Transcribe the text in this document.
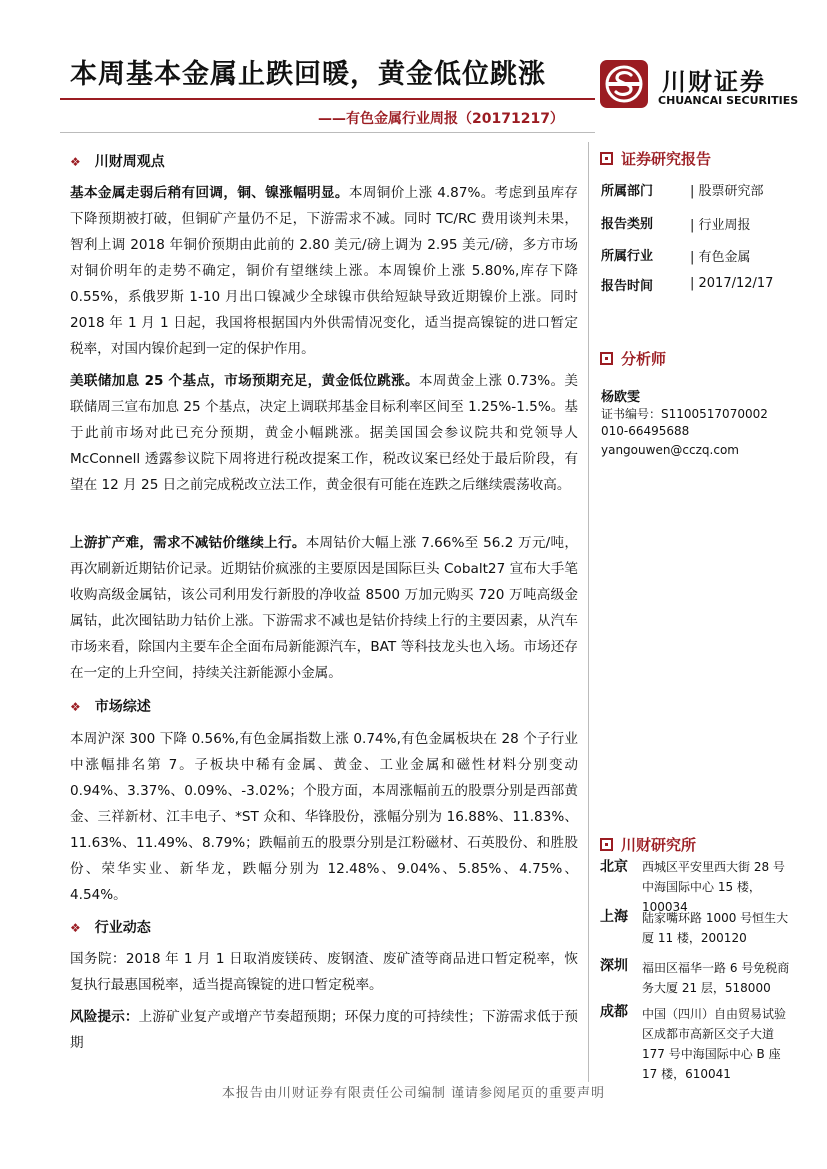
本周基本金属止跌回暖，黄金低位跳涨
——有色金属行业周报（20171217）
川财证券
CHUANCAI SECURITIES
❖ 川财周观点
基本金属走弱后稍有回调，铜、镍涨幅明显。本周铜价上涨 4.87%。考虑到虽库存下降预期被打破，但铜矿产量仍不足，下游需求不减。同时 TC/RC 费用谈判未果，智利上调 2018 年铜价预期由此前的 2.80 美元/磅上调为 2.95 美元/磅，多方市场对铜价明年的走势不确定，铜价有望继续上涨。本周镍价上涨 5.80%,库存下降 0.55%，系俄罗斯 1-10 月出口镍减少全球镍市供给短缺导致近期镍价上涨。同时 2018 年 1 月 1 日起，我国将根据国内外供需情况变化，适当提高镍锭的进口暂定税率，对国内镍价起到一定的保护作用。
美联储加息 25 个基点，市场预期充足，黄金低位跳涨。本周黄金上涨 0.73%。美联储周三宣布加息 25 个基点，决定上调联邦基金目标利率区间至 1.25%-1.5%。基于此前市场对此已充分预期，黄金小幅跳涨。据美国国会参议院共和党领导人 McConnell 透露参议院下周将进行税改提案工作，税改议案已经处于最后阶段，有望在 12 月 25 日之前完成税改立法工作，黄金很有可能在连跌之后继续震荡收高。
上游扩产难，需求不减钴价继续上行。本周钴价大幅上涨 7.66%至 56.2 万元/吨，再次刷新近期钴价记录。近期钴价疯涨的主要原因是国际巨头 Cobalt27 宣布大手笔收购高级金属钴，该公司利用发行新股的净收益 8500 万加元购买 720 万吨高级金属钴，此次囤钴助力钴价上涨。下游需求不减也是钴价持续上行的主要因素，从汽车市场来看，除国内主要车企全面布局新能源汽车，BAT 等科技龙头也入场。市场还存在一定的上升空间，持续关注新能源小金属。
❖ 市场综述
本周沪深 300 下降 0.56%,有色金属指数上涨 0.74%,有色金属板块在 28 个子行业中涨幅排名第 7。子板块中稀有金属、黄金、工业金属和磁性材料分别变动 0.94%、3.37%、0.09%、-3.02%；个股方面，本周涨幅前五的股票分别是西部黄金、三祥新材、江丰电子、*ST 众和、华锋股份，涨幅分别为 16.88%、11.83%、11.63%、11.49%、8.79%；跌幅前五的股票分别是江粉磁材、石英股份、和胜股份、荣华实业、新华龙，跌幅分别为 12.48%、9.04%、5.85%、4.75%、4.54%。
❖ 行业动态
国务院：2018 年 1 月 1 日取消废镁砖、废钢渣、废矿渣等商品进口暂定税率，恢复执行最惠国税率，适当提高镍锭的进口暂定税率。
风险提示：上游矿业复产或增产节奏超预期；环保力度的可持续性；下游需求低于预期
证券研究报告
所属部门	| 股票研究部
报告类别	| 行业周报
所属行业	| 有色金属
报告时间	| 2017/12/17
分析师
杨欧雯
证书编号：S1100517070002
010-66495688
yangouwen@cczq.com
川财研究所
北京 西城区平安里西大街 28 号中海国际中心 15 楼，100034
上海 陆家嘴环路 1000 号恒生大厦 11 楼，200120
深圳 福田区福华一路 6 号免税商务大厦 21 层，518000
成都 中国（四川）自由贸易试验区成都市高新区交子大道 177 号中海国际中心 B 座 17 楼，610041
本报告由川财证券有限责任公司编制 谨请参阅尾页的重要声明
